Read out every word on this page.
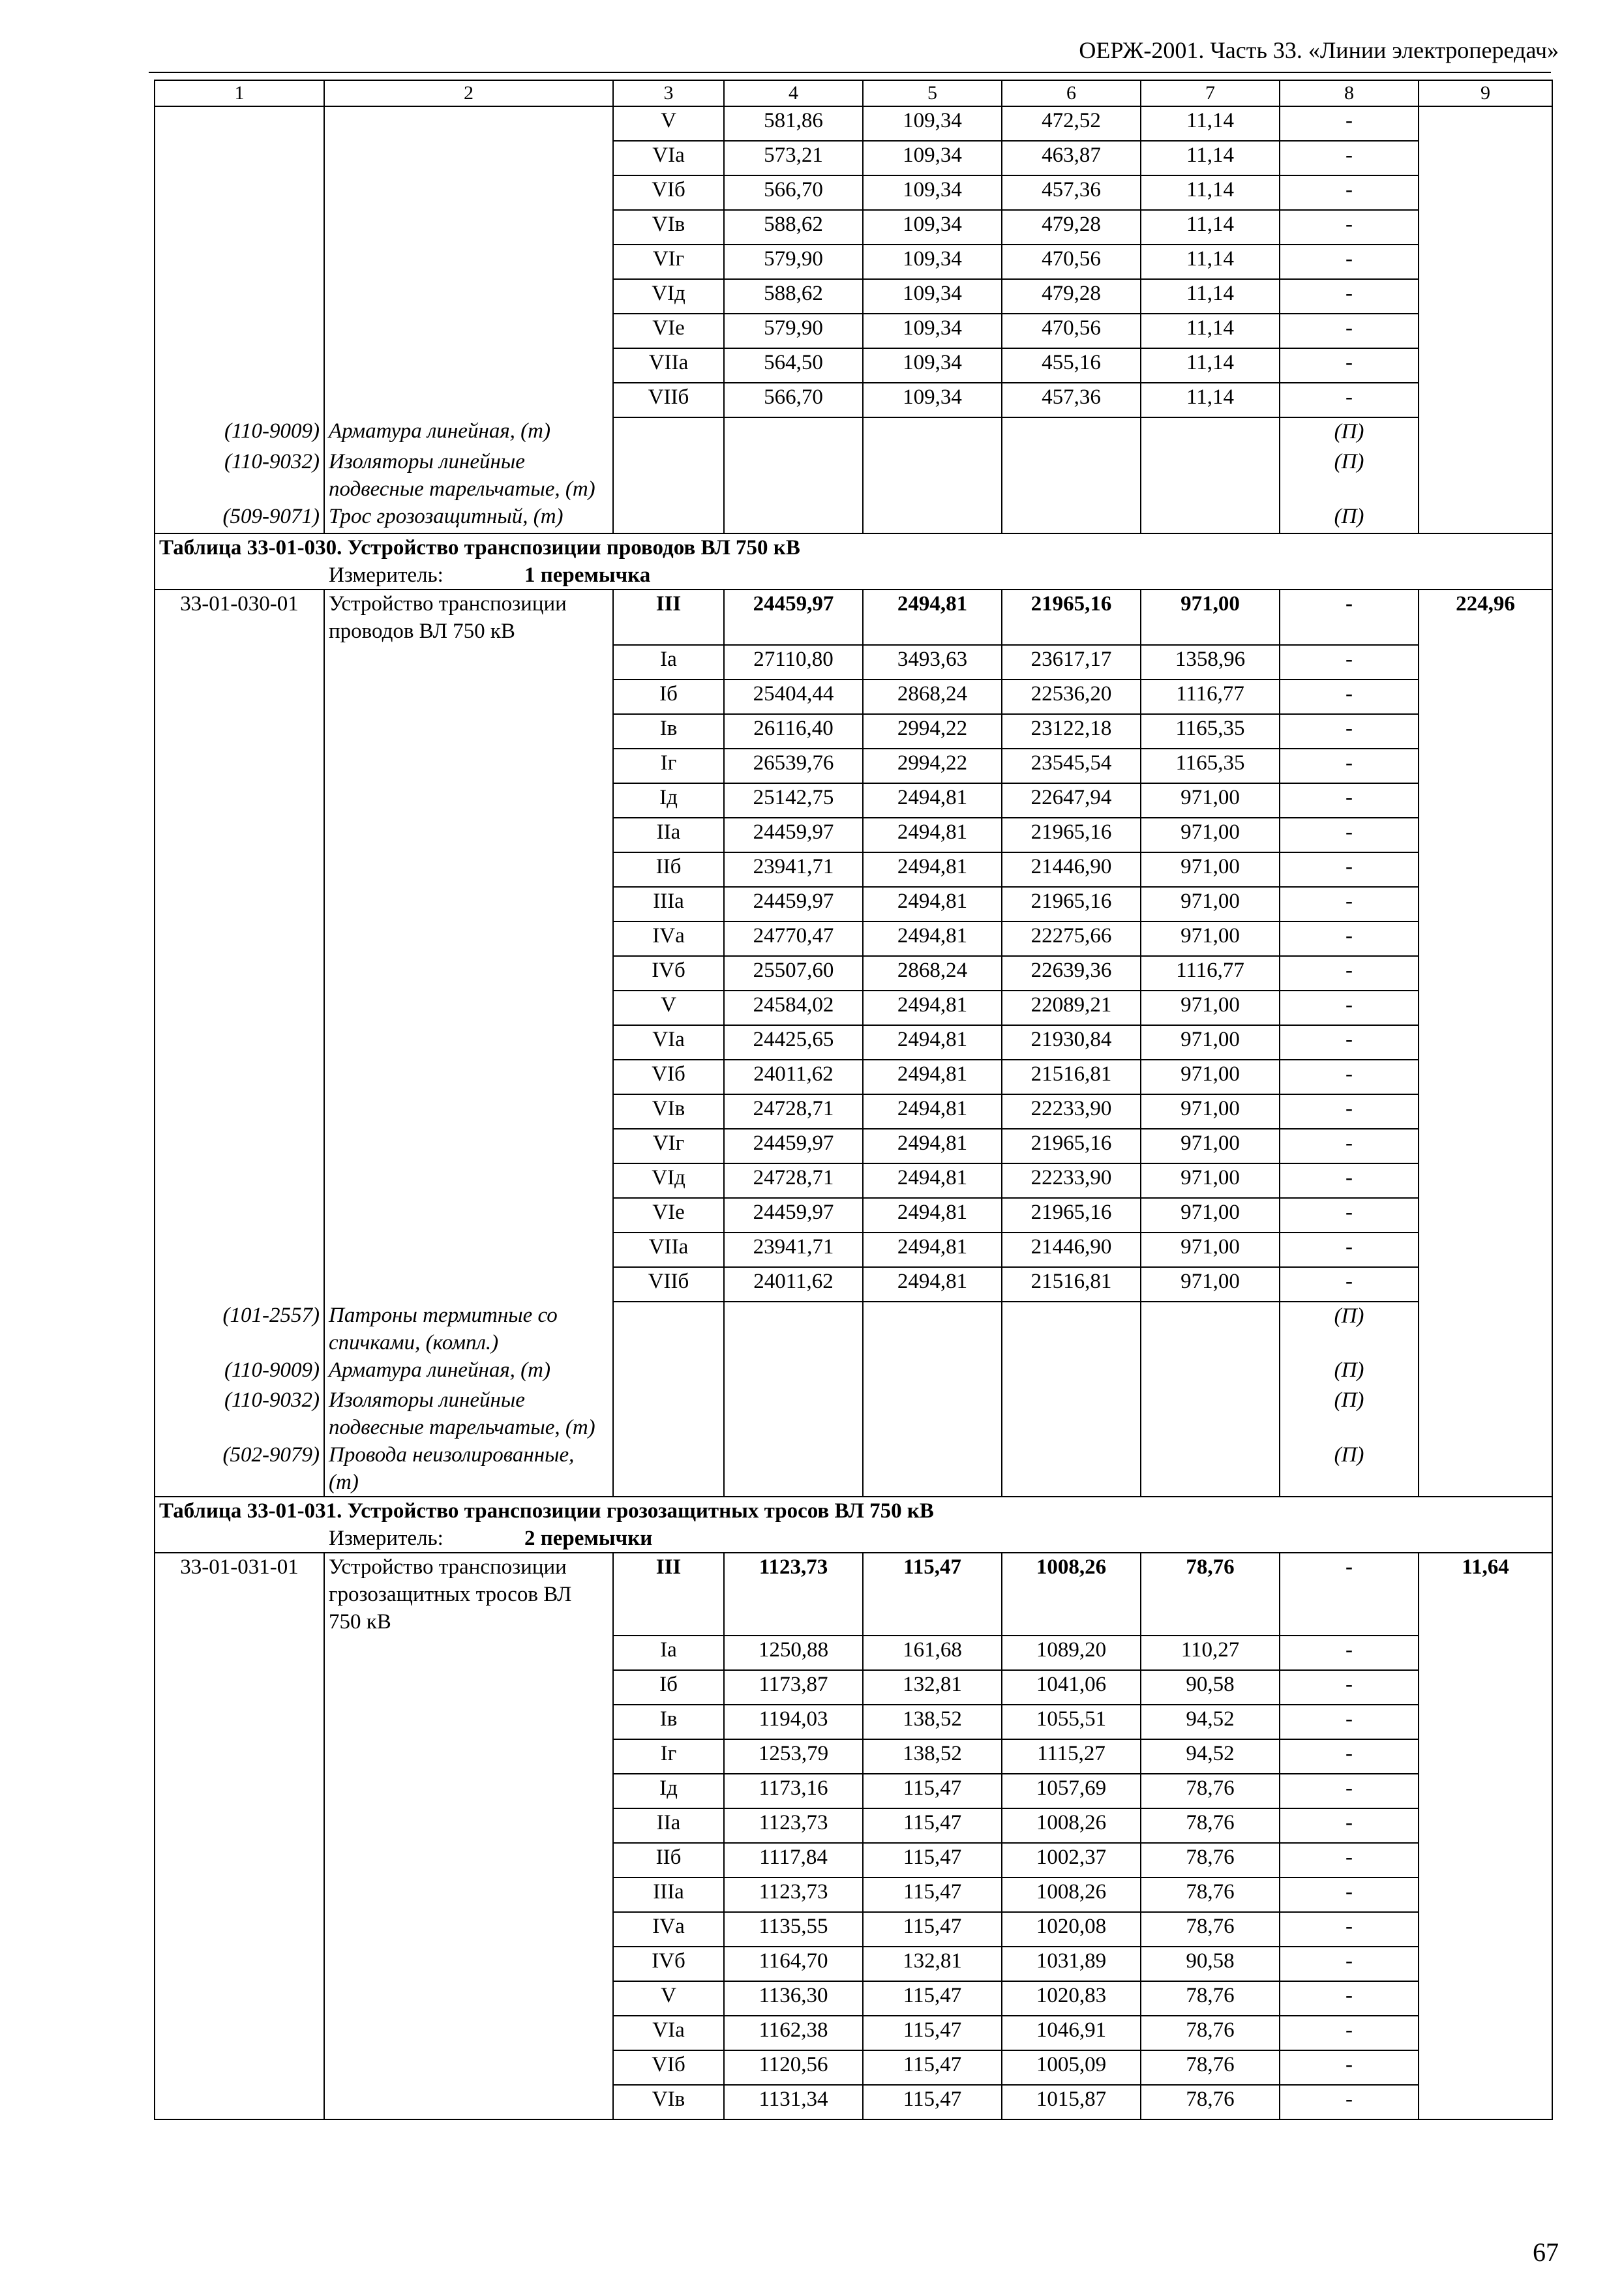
ОЕРЖ-2001. Часть 33. «Линии электропередач»
1	2	3	4	5	6	7	8	9
		V	581,86	109,34	472,52	11,14	-	
		VIа	573,21	109,34	463,87	11,14	-	
		VIб	566,70	109,34	457,36	11,14	-	
		VIв	588,62	109,34	479,28	11,14	-	
		VIг	579,90	109,34	470,56	11,14	-	
		VIд	588,62	109,34	479,28	11,14	-	
		VIе	579,90	109,34	470,56	11,14	-	
		VIIа	564,50	109,34	455,16	11,14	-	
		VIIб	566,70	109,34	457,36	11,14	-	
(110-9009)	Арматура линейная, (т)						(П)	
(110-9032)	Изоляторы линейные подвесные тарельчатые, (т)						(П)	
(509-9071)	Трос грозозащитный, (т)						(П)	
Таблица 33-01-030. Устройство транспозиции проводов ВЛ 750 кВ								
Измеритель: 1 перемычка								
33-01-030-01	Устройство транспозиции проводов ВЛ 750 кВ	III	24459,97	2494,81	21965,16	971,00	-	224,96
		Iа	27110,80	3493,63	23617,17	1358,96	-	
		Iб	25404,44	2868,24	22536,20	1116,77	-	
		Iв	26116,40	2994,22	23122,18	1165,35	-	
		Iг	26539,76	2994,22	23545,54	1165,35	-	
		Iд	25142,75	2494,81	22647,94	971,00	-	
		IIа	24459,97	2494,81	21965,16	971,00	-	
		IIб	23941,71	2494,81	21446,90	971,00	-	
		IIIа	24459,97	2494,81	21965,16	971,00	-	
		IVа	24770,47	2494,81	22275,66	971,00	-	
		IVб	25507,60	2868,24	22639,36	1116,77	-	
		V	24584,02	2494,81	22089,21	971,00	-	
		VIа	24425,65	2494,81	21930,84	971,00	-	
		VIб	24011,62	2494,81	21516,81	971,00	-	
		VIв	24728,71	2494,81	22233,90	971,00	-	
		VIг	24459,97	2494,81	21965,16	971,00	-	
		VIд	24728,71	2494,81	22233,90	971,00	-	
		VIе	24459,97	2494,81	21965,16	971,00	-	
		VIIа	23941,71	2494,81	21446,90	971,00	-	
		VIIб	24011,62	2494,81	21516,81	971,00	-	
(101-2557)	Патроны термитные со спичками, (компл.)						(П)	
(110-9009)	Арматура линейная, (т)						(П)	
(110-9032)	Изоляторы линейные подвесные тарельчатые, (т)						(П)	
(502-9079)	Провода неизолированные, (т)						(П)	
Таблица 33-01-031. Устройство транспозиции грозозащитных тросов ВЛ 750 кВ								
Измеритель: 2 перемычки								
33-01-031-01	Устройство транспозиции грозозащитных тросов ВЛ 750 кВ	III	1123,73	115,47	1008,26	78,76	-	11,64
		Iа	1250,88	161,68	1089,20	110,27	-	
		Iб	1173,87	132,81	1041,06	90,58	-	
		Iв	1194,03	138,52	1055,51	94,52	-	
		Iг	1253,79	138,52	1115,27	94,52	-	
		Iд	1173,16	115,47	1057,69	78,76	-	
		IIа	1123,73	115,47	1008,26	78,76	-	
		IIб	1117,84	115,47	1002,37	78,76	-	
		IIIа	1123,73	115,47	1008,26	78,76	-	
		IVа	1135,55	115,47	1020,08	78,76	-	
		IVб	1164,70	132,81	1031,89	90,58	-	
		V	1136,30	115,47	1020,83	78,76	-	
		VIа	1162,38	115,47	1046,91	78,76	-	
		VIб	1120,56	115,47	1005,09	78,76	-	
		VIв	1131,34	115,47	1015,87	78,76	-	
67
